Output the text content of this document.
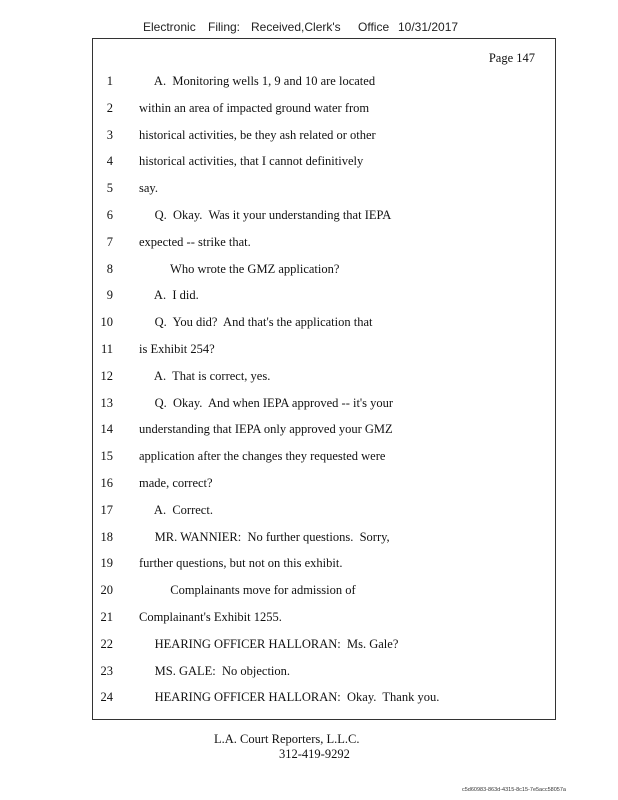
Electronic Filing: Received,Clerk's Office 10/31/2017
Page 147
1 A.  Monitoring wells 1, 9 and 10 are located
2 within an area of impacted ground water from
3 historical activities, be they ash related or other
4 historical activities, that I cannot definitively
5 say.
6 Q.  Okay.  Was it your understanding that IEPA
7 expected -- strike that.
8 Who wrote the GMZ application?
9 A.  I did.
10 Q.  You did?  And that's the application that
11 is Exhibit 254?
12 A.  That is correct, yes.
13 Q.  Okay.  And when IEPA approved -- it's your
14 understanding that IEPA only approved your GMZ
15 application after the changes they requested were
16 made, correct?
17 A.  Correct.
18 MR. WANNIER:  No further questions.  Sorry,
19 further questions, but not on this exhibit.
20 Complainants move for admission of
21 Complainant's Exhibit 1255.
22 HEARING OFFICER HALLORAN:  Ms. Gale?
23 MS. GALE:  No objection.
24 HEARING OFFICER HALLORAN:  Okay.  Thank you.
L.A. Court Reporters, L.L.C.
312-419-9292
c5d60983-863d-4315-8c15-7e5acc58057a
